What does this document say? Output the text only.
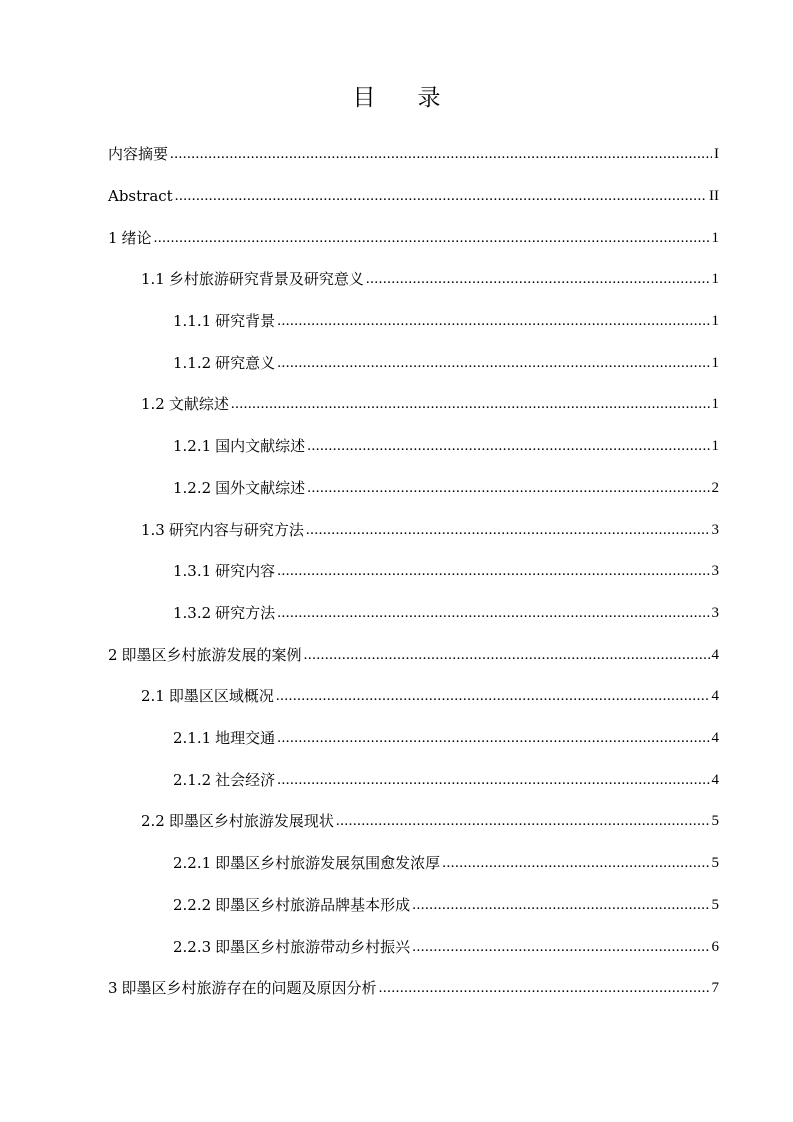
目 录
内容摘要 .....	I
Abstract .....	II
1 绪论 .....	1
1.1 乡村旅游研究背景及研究意义 .....	1
1.1.1 研究背景 .....	1
1.1.2 研究意义 .....	1
1.2 文献综述 .....	1
1.2.1 国内文献综述 .....	1
1.2.2 国外文献综述 .....	2
1.3 研究内容与研究方法 .....	3
1.3.1 研究内容 .....	3
1.3.2 研究方法 .....	3
2 即墨区乡村旅游发展的案例 .....	4
2.1 即墨区区域概况 .....	4
2.1.1 地理交通 .....	4
2.1.2 社会经济 .....	4
2.2 即墨区乡村旅游发展现状 .....	5
2.2.1 即墨区乡村旅游发展氛围愈发浓厚 .....	5
2.2.2 即墨区乡村旅游品牌基本形成 .....	5
2.2.3 即墨区乡村旅游带动乡村振兴 .....	6
3 即墨区乡村旅游存在的问题及原因分析 .....	7
